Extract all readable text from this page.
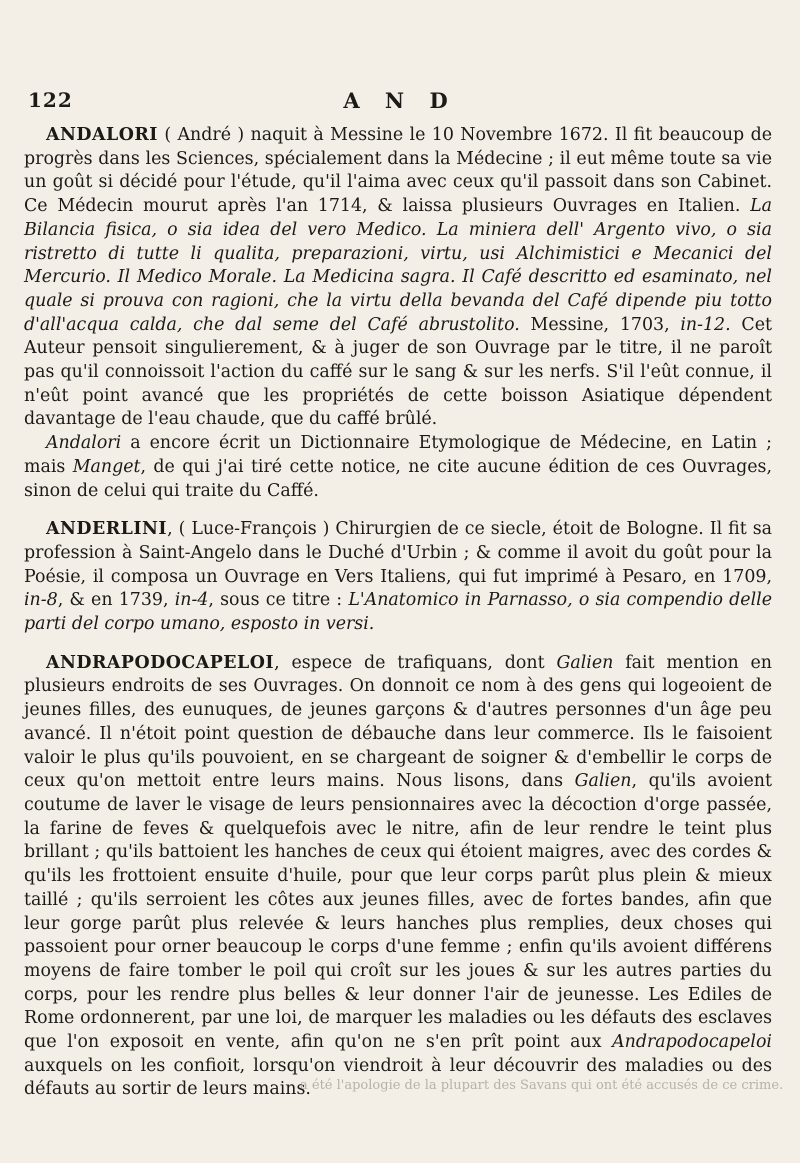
122	A N D

ANDALORI ( André ) naquit à Messine le 10 Novembre 1672. Il fit beaucoup de progrès dans les Sciences, spécialement dans la Médecine ; il eut même toute sa vie un goût si décidé pour l'étude, qu'il l'aima avec ceux qu'il passoit dans son Cabinet. Ce Médecin mourut après l'an 1714, & laissa plusieurs Ouvrages en Italien. La Bilancia fisica, o sia idea del vero Medico. La miniera dell' Argento vivo, o sia ristretto di tutte li qualita, preparazioni, virtu, usi Alchimistici e Mecanici del Mercurio. Il Medico Morale. La Medicina sagra. Il Café descritto ed esaminato, nel quale si prouva con ragioni, che la virtu della bevanda del Café dipende piu totto d'all'acqua calda, che dal seme del Café abrustolito. Messine, 1703, in-12. Cet Auteur pensoit singulierement, & à juger de son Ouvrage par le titre, il ne paroît pas qu'il connoissoit l'action du caffé sur le sang & sur les nerfs. S'il l'eût connue, il n'eût point avancé que les propriétés de cette boisson Asiatique dépendent davantage de l'eau chaude, que du caffé brûlé.

Andalori a encore écrit un Dictionnaire Etymologique de Médecine, en Latin ; mais Manget, de qui j'ai tiré cette notice, ne cite aucune édition de ces Ouvrages, sinon de celui qui traite du Caffé.

ANDERLINI, ( Luce-François ) Chirurgien de ce siecle, étoit de Bologne. Il fit sa profession à Saint-Angelo dans le Duché d'Urbin ; & comme il avoit du goût pour la Poésie, il composa un Ouvrage en Vers Italiens, qui fut imprimé à Pesaro, en 1709, in-8, & en 1739, in-4, sous ce titre : L'Anatomico in Parnasso, o sia compendio delle parti del corpo umano, esposto in versi.

ANDRAPODOCAPELOI, espece de trafiquans, dont Galien fait mention en plusieurs endroits de ses Ouvrages. On donnoit ce nom à des gens qui logeoient de jeunes filles, des eunuques, de jeunes garçons & d'autres personnes d'un âge peu avancé. Il n'étoit point question de débauche dans leur commerce. Ils le faisoient valoir le plus qu'ils pouvoient, en se chargeant de soigner & d'embellir le corps de ceux qu'on mettoit entre leurs mains. Nous lisons, dans Galien, qu'ils avoient coutume de laver le visage de leurs pensionnaires avec la décoction d'orge passée, la farine de feves & quelquefois avec le nitre, afin de leur rendre le teint plus brillant ; qu'ils battoient les hanches de ceux qui étoient maigres, avec des cordes & qu'ils les frottoient ensuite d'huile, pour que leur corps parût plus plein & mieux taillé ; qu'ils serroient les côtes aux jeunes filles, avec de fortes bandes, afin que leur gorge parût plus relevée & leurs hanches plus remplies, deux choses qui passoient pour orner beaucoup le corps d'une femme ; enfin qu'ils avoient différens moyens de faire tomber le poil qui croît sur les joues & sur les autres parties du corps, pour les rendre plus belles & leur donner l'air de jeunesse. Les Ediles de Rome ordonnerent, par une loi, de marquer les maladies ou les défauts des esclaves que l'on exposoit en vente, afin qu'on ne s'en prît point aux Andrapodocapeloi auxquels on les confioit, lorsqu'on viendroit à leur découvrir des maladies ou des défauts au sortir de leurs mains.

a été l'apologie de la plupart des Savans qui ont été accusés de ce crime.
